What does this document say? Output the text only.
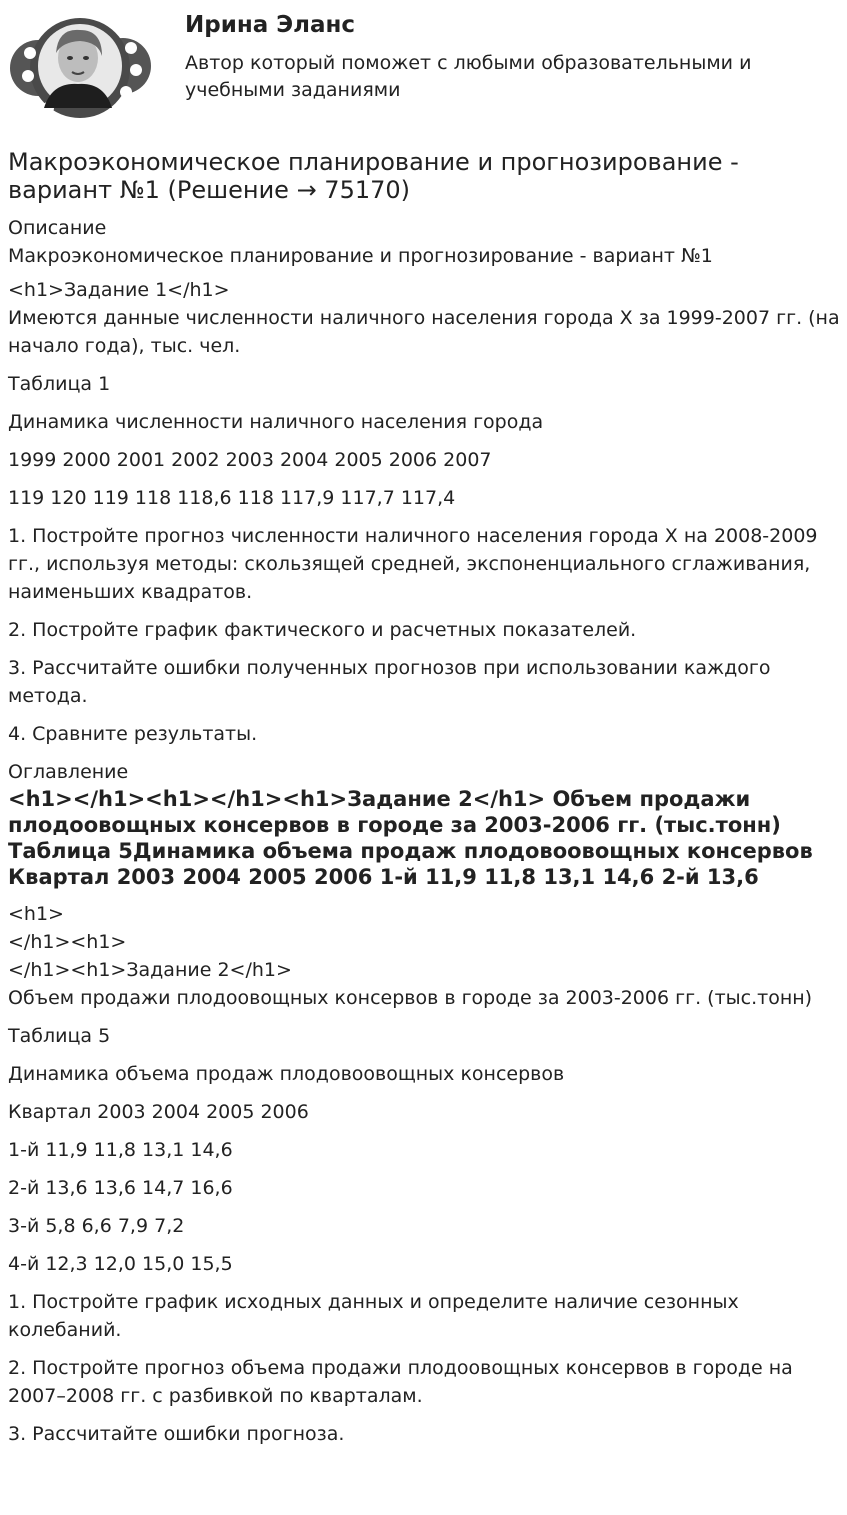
Ирина Эланс

Автор который поможет с любыми образовательными и учебными заданиями

Макроэкономическое планирование и прогнозирование - вариант №1 (Решение → 75170)
Описание
Макроэкономическое планирование и прогнозирование - вариант №1
<h1>Задание 1</h1>

Имеются данные численности наличного населения города X за 1999-2007 гг. (на начало года), тыс. чел.

Таблица 1

Динамика численности наличного населения города

1999 2000 2001 2002 2003 2004 2005 2006 2007

119 120 119 118 118,6 118 117,9 117,7 117,4

1. Постройте прогноз численности наличного населения города X на 2008-2009 гг., используя методы: скользящей средней, экспоненциального сглаживания, наименьших квадратов.

2. Постройте график фактического и расчетных показателей.

3. Рассчитайте ошибки полученных прогнозов при использовании каждого метода.

4. Сравните результаты.

Оглавление
<h1></h1><h1></h1><h1>Задание 2</h1> Объем продажи плодоовощных консервов в городе за 2003-2006 гг. (тыс.тонн) Таблица 5Динамика объема продаж плодовоовощных консервов Квартал 2003 2004 2005 2006 1-й 11,9 11,8 13,1 14,6 2-й 13,6
<h1>
</h1><h1>
</h1><h1>Задание 2</h1>

Объем продажи плодоовощных консервов в городе за 2003-2006 гг. (тыс.тонн)

Таблица 5

Динамика объема продаж плодовоовощных консервов

Квартал 2003 2004 2005 2006

1-й 11,9 11,8 13,1 14,6

2-й 13,6 13,6 14,7 16,6

3-й 5,8 6,6 7,9 7,2

4-й 12,3 12,0 15,0 15,5

1. Постройте график исходных данных и определите наличие сезонных колебаний.

2. Постройте прогноз объема продажи плодоовощных консервов в городе на 2007–2008 гг. с разбивкой по кварталам.

3. Рассчитайте ошибки прогноза.
